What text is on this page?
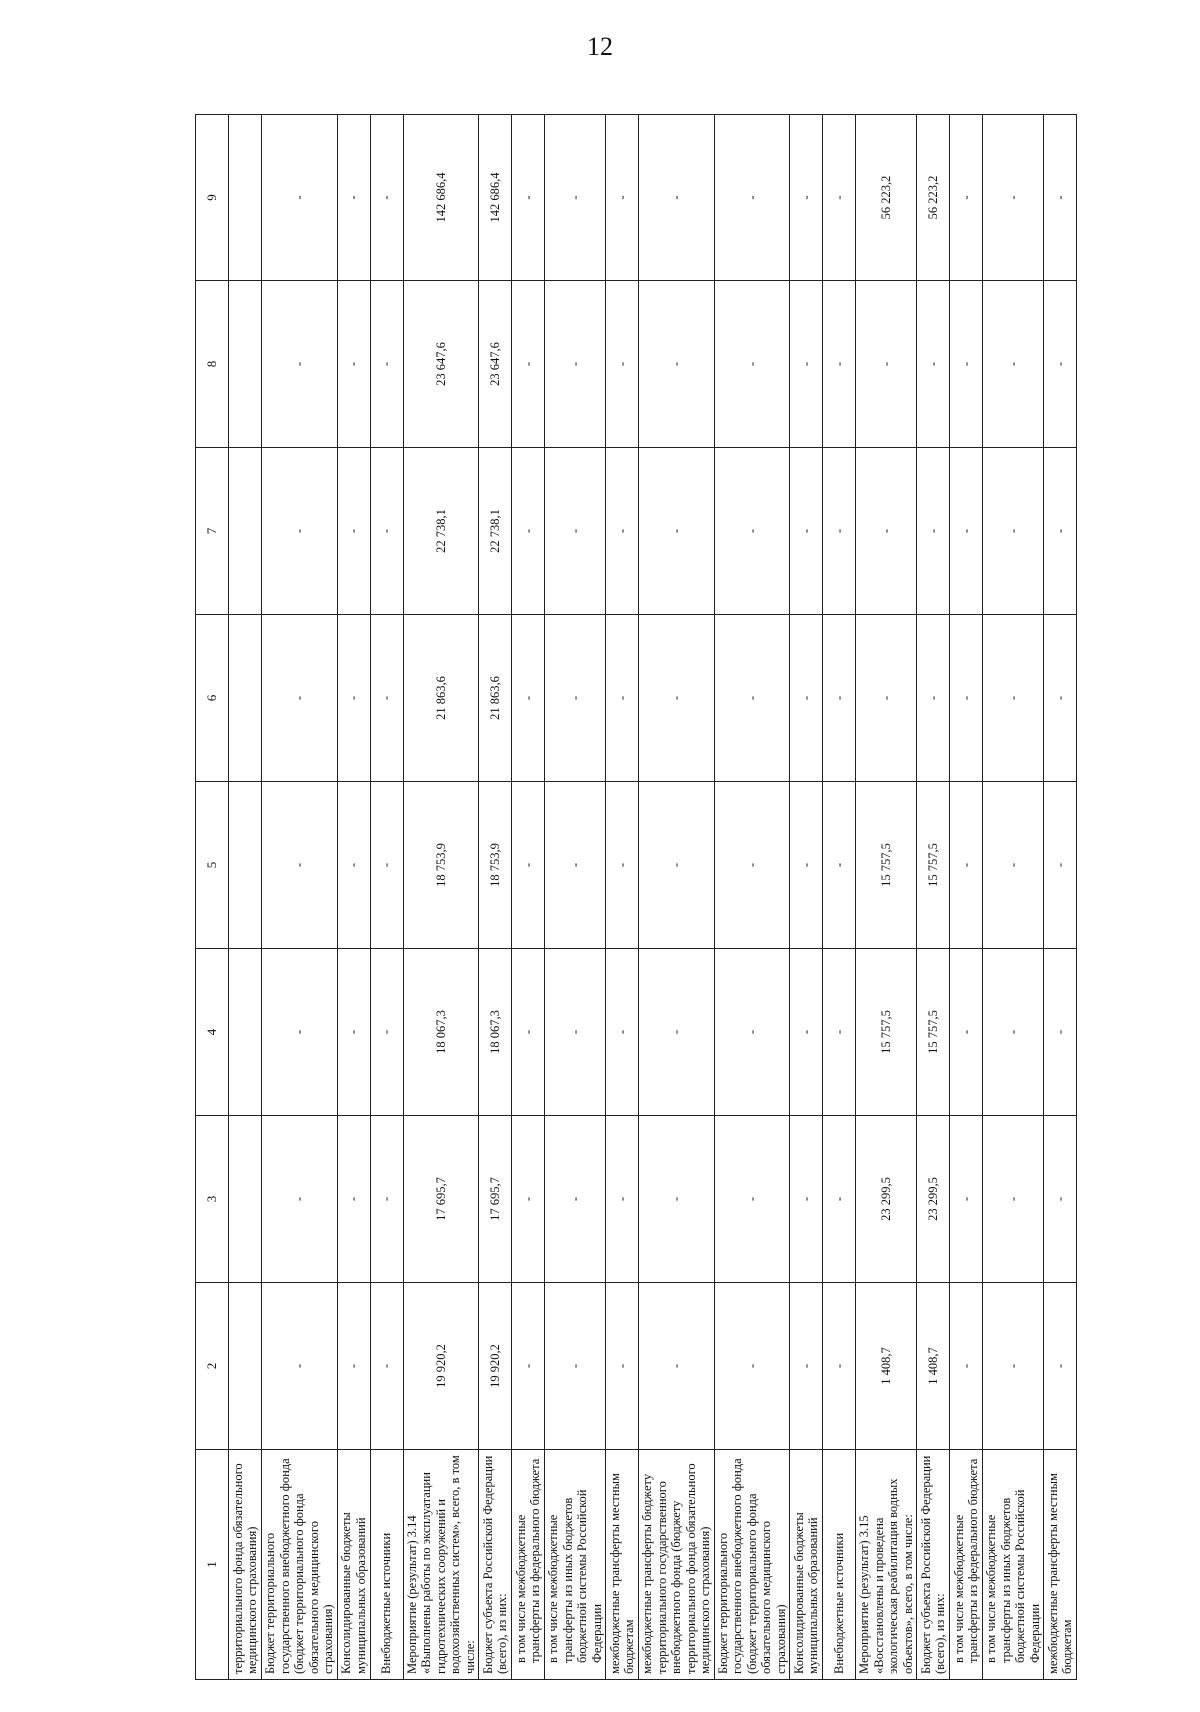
12
1	2	3	4	5	6	7	8	9
территориального фонда обязательного медицинского страхования)								
Бюджет территориального государственного внебюджетного фонда (бюджет территориального фонда обязательного медицинского страхования)	-	-	-	-	-	-	-	-
Консолидированные бюджеты муниципальных образований	-	-	-	-	-	-	-	-
Внебюджетные источники	-	-	-	-	-	-	-	-
Мероприятие (результат) 3.14 «Выполнены работы по эксплуатации гидротехнических сооружений и водохозяйственных систем», всего, в том числе:	19 920,2	17 695,7	18 067,3	18 753,9	21 863,6	22 738,1	23 647,6	142 686,4
Бюджет субъекта Российской Федерации (всего), из них:	19 920,2	17 695,7	18 067,3	18 753,9	21 863,6	22 738,1	23 647,6	142 686,4
в том числе межбюджетные трансферты из федерального бюджета	-	-	-	-	-	-	-	-
в том числе межбюджетные трансферты из иных бюджетов бюджетной системы Российской Федерации	-	-	-	-	-	-	-	-
межбюджетные трансферты местным бюджетам	-	-	-	-	-	-	-	-
межбюджетные трансферты бюджету территориального государственного внебюджетного фонда (бюджету территориального фонда обязательного медицинского страхования)	-	-	-	-	-	-	-	-
Бюджет территориального государственного внебюджетного фонда (бюджет территориального фонда обязательного медицинского страхования)	-	-	-	-	-	-	-	-
Консолидированные бюджеты муниципальных образований	-	-	-	-	-	-	-	-
Внебюджетные источники	-	-	-	-	-	-	-	-
Мероприятие (результат) 3.15 «Восстановлены и проведена экологическая реабилитация водных объектов», всего, в том числе:	1 408,7	23 299,5	15 757,5	15 757,5	-	-	-	56 223,2
Бюджет субъекта Российской Федерации (всего), из них:	1 408,7	23 299,5	15 757,5	15 757,5	-	-	-	56 223,2
в том числе межбюджетные трансферты из федерального бюджета	-	-	-	-	-	-	-	-
в том числе межбюджетные трансферты из иных бюджетов бюджетной системы Российской Федерации	-	-	-	-	-	-	-	-
межбюджетные трансферты местным бюджетам	-	-	-	-	-	-	-	-
